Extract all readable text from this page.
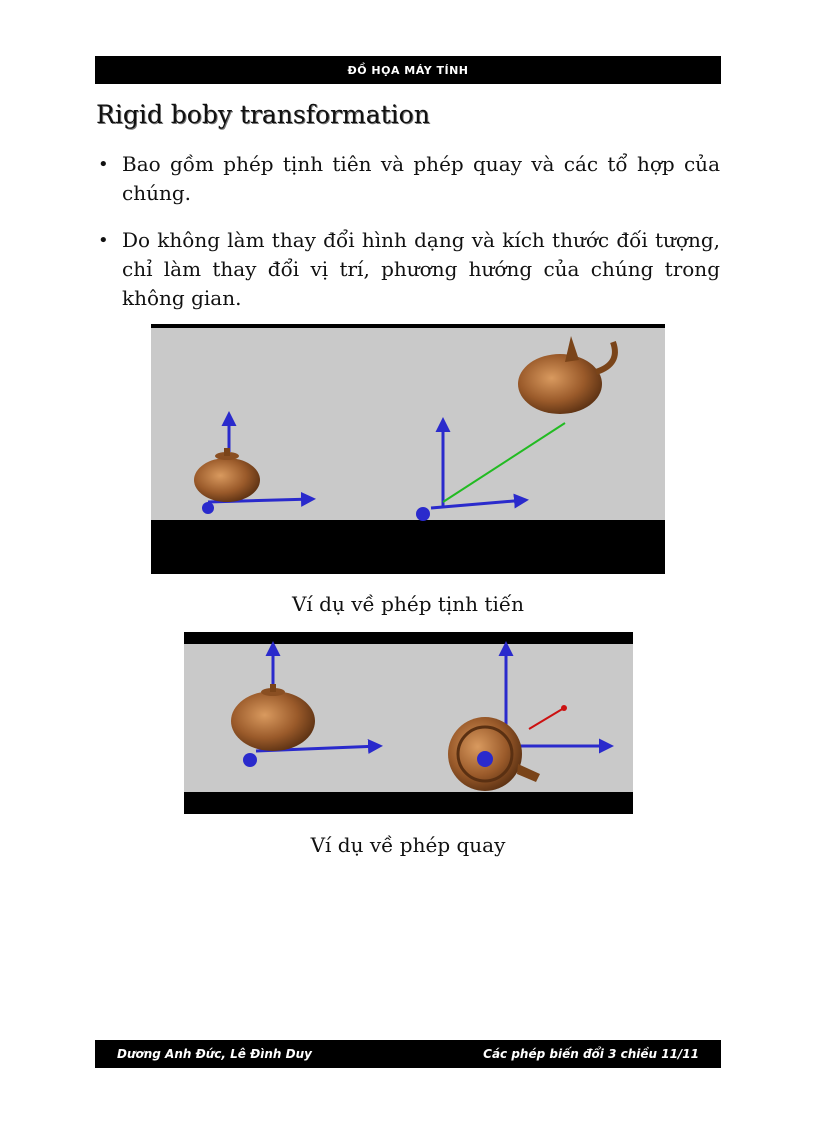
ĐỒ HỌA MÁY TÍNH
Rigid boby transformation
• Bao gồm phép tịnh tiên và phép quay và các tổ hợp của chúng.
• Do không làm thay đổi hình dạng và kích thước đối tượng, chỉ làm thay đổi vị trí, phương hướng của chúng trong không gian.
Ví dụ về phép tịnh tiến
Ví dụ về phép quay
Dương Anh Đức, Lê Đình Duy	Các phép biến đổi 3 chiều 11/11
